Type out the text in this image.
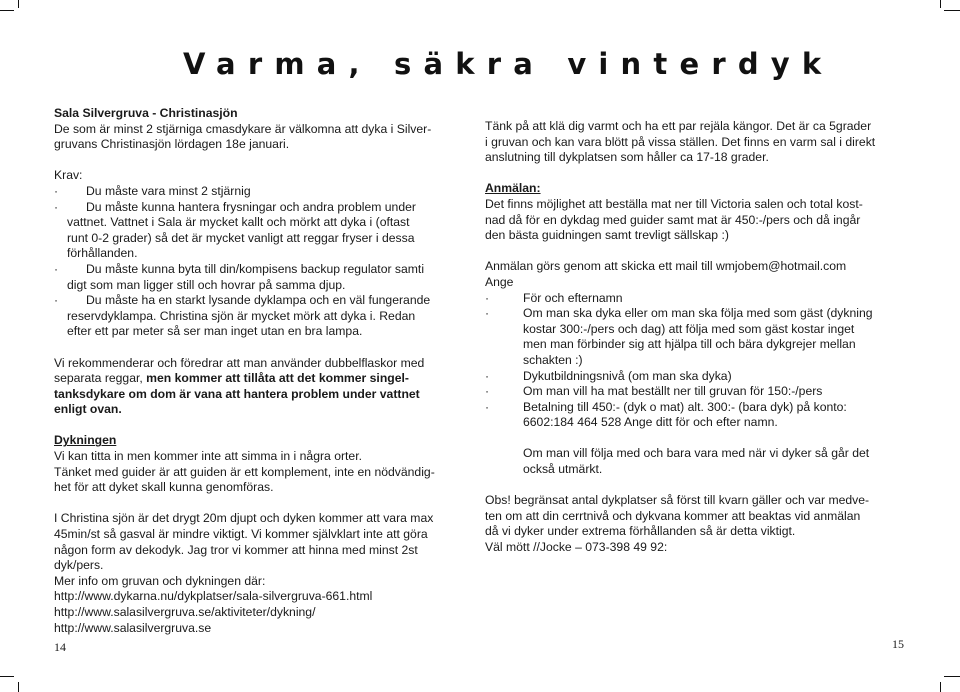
Varma, säkra vinterdyk

Sala Silvergruva - Christinasjön

De som är minst 2 stjärniga cmasdykare är välkomna att dyka i Silver-

gruvans Christinasjön lördagen 18e januari.

Krav:

· Du måste vara minst 2 stjärnig

· Du måste kunna hantera frysningar och andra problem under

vattnet. Vattnet i Sala är mycket kallt och mörkt att dyka i (oftast

runt 0-2 grader) så det är mycket vanligt att reggar fryser i dessa

förhållanden.

· Du måste kunna byta till din/kompisens backup regulator samti

digt som man ligger still och hovrar på samma djup.

· Du måste ha en starkt lysande dyklampa och en väl fungerande

reservdyklampa. Christina sjön är mycket mörk att dyka i. Redan

efter ett par meter så ser man inget utan en bra lampa.

Vi rekommenderar och föredrar att man använder dubbelflaskor med

separata reggar, men kommer att tillåta att det kommer singel-

tanksdykare om dom är vana att hantera problem under vattnet

enligt ovan.

Dykningen

Vi kan titta in men kommer inte att simma in i några orter.

Tänket med guider är att guiden är ett komplement, inte en nödvändig-

het för att dyket skall kunna genomföras.

I Christina sjön är det drygt 20m djupt och dyken kommer att vara max

45min/st så gasval är mindre viktigt. Vi kommer självklart inte att göra

någon form av dekodyk. Jag tror vi kommer att hinna med minst 2st

dyk/pers.

Mer info om gruvan och dykningen där:

http://www.dykarna.nu/dykplatser/sala-silvergruva-661.html

http://www.salasilvergruva.se/aktiviteter/dykning/

http://www.salasilvergruva.se

Tänk på att klä dig varmt och ha ett par rejäla kängor. Det är ca 5grader

i gruvan och kan vara blött på vissa ställen. Det finns en varm sal i direkt

anslutning till dykplatsen som håller ca 17-18 grader.

Anmälan:

Det finns möjlighet att beställa mat ner till Victoria salen och total kost-

nad då för en dykdag med guider samt mat är 450:-/pers och då ingår

den bästa guidningen samt trevligt sällskap :)

Anmälan görs genom att skicka ett mail till wmjobem@hotmail.com

Ange

·	För och efternamn

·	Om man ska dyka eller om man ska följa med som gäst (dykning

kostar 300:-/pers och dag) att följa med som gäst kostar inget

men man förbinder sig att hjälpa till och bära dykgrejer mellan

schakten :)

·	Dykutbildningsnivå (om man ska dyka)

·	Om man vill ha mat beställt ner till gruvan för 150:-/pers

·	Betalning till 450:- (dyk o mat) alt. 300:- (bara dyk) på konto:

6602:184 464 528 Ange ditt för och efter namn.

Om man vill följa med och bara vara med när vi dyker så går det

också utmärkt.

Obs! begränsat antal dykplatser så först till kvarn gäller och var medve-

ten om att din cerrtnivå och dykvana kommer att beaktas vid anmälan

då vi dyker under extrema förhållanden så är detta viktigt.

Väl mött //Jocke – 073-398 49 92:

14	15
